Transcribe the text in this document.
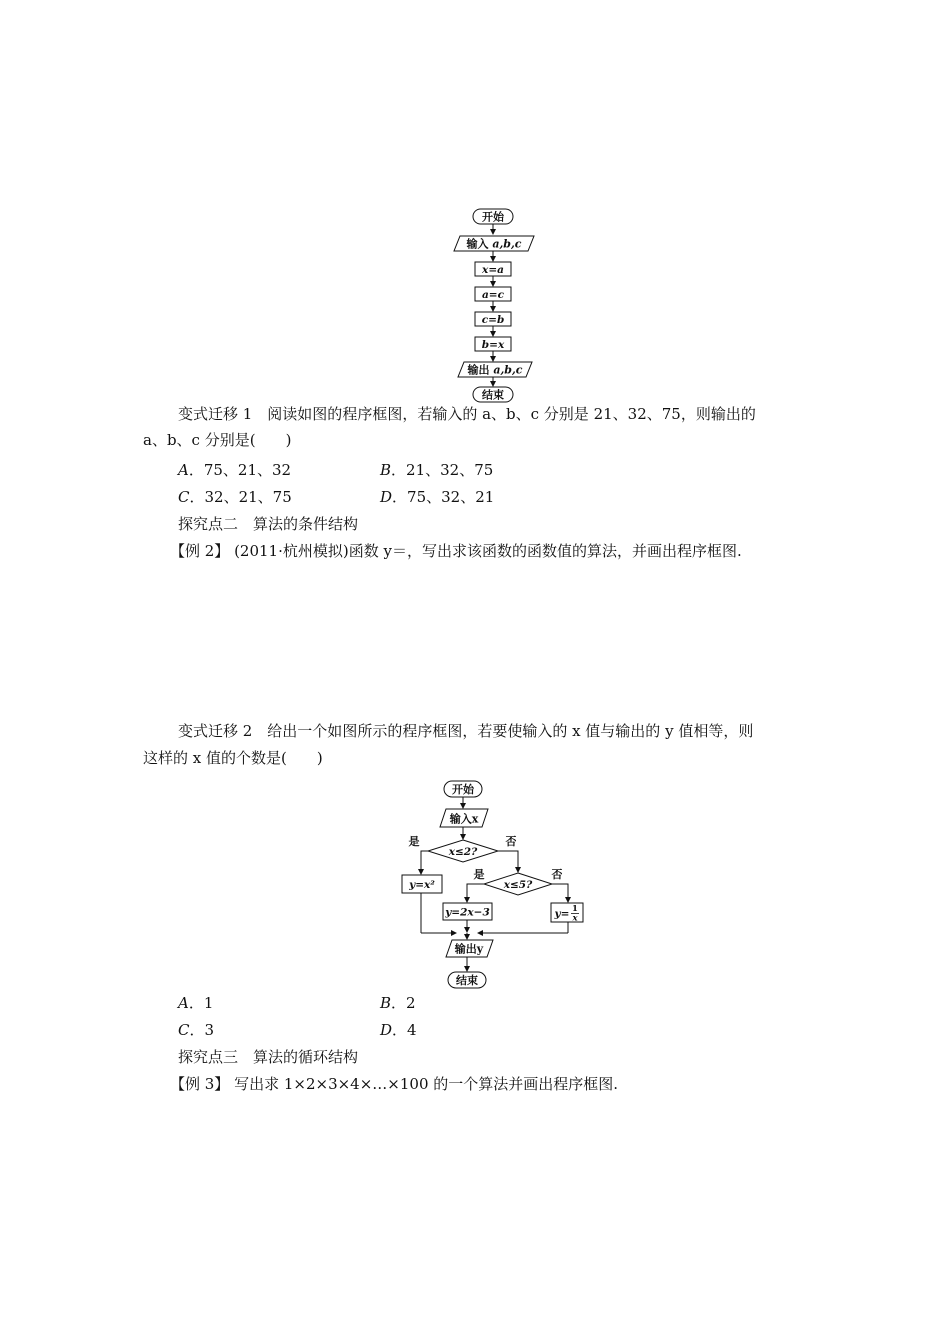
开始
输入 a,b,c
x=a
a=c
c=b
b=x
输出 a,b,c
结束
变式迁移 1　阅读如图的程序框图，若输入的 a、b、c 分别是 21、32、75，则输出的
a、b、c 分别是(　　)
A．75、21、32	B．21、32、75
C．32、21、75	D．75、32、21
探究点二　算法的条件结构
【例 2】 (2011·杭州模拟)函数 y＝，写出求该函数的函数值的算法，并画出程序框图.
变式迁移 2　给出一个如图所示的程序框图，若要使输入的 x 值与输出的 y 值相等，则
这样的 x 值的个数是(　　)
开始
输入x
x≤2?
x≤5?
是	否
是	否
y=x²
y=2x−3	y= 1
x
输出y
结束
A．1	B．2
C．3	D．4
探究点三　算法的循环结构
【例 3】 写出求 1×2×3×4×…×100 的一个算法并画出程序框图.
